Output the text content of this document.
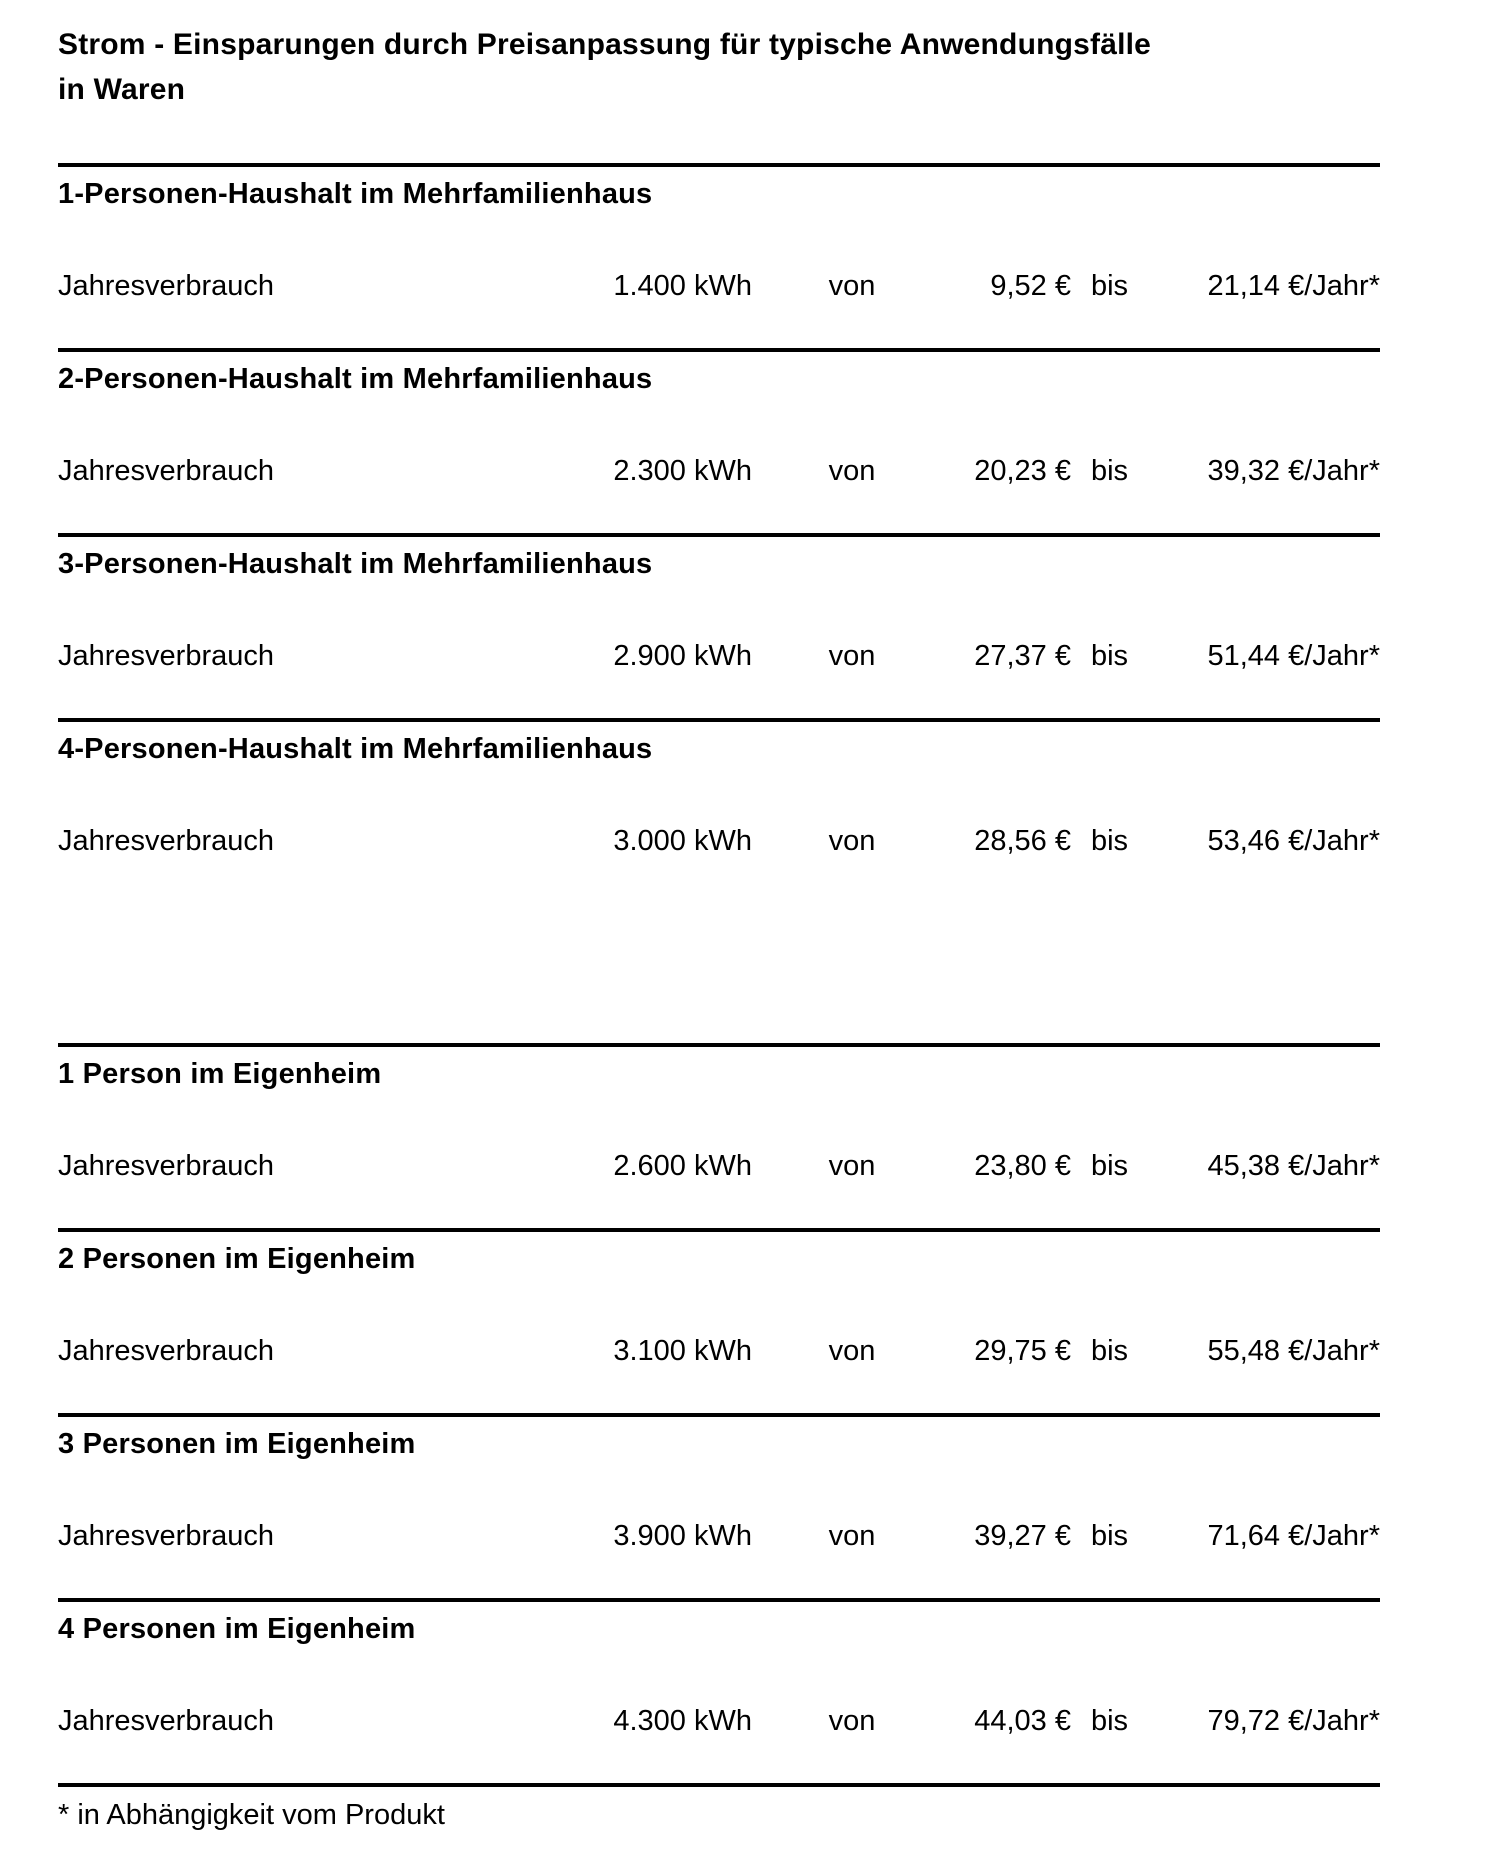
Strom - Einsparungen durch Preisanpassung für typische Anwendungsfälle
in Waren
1-Personen-Haushalt im Mehrfamilienhaus
Jahresverbrauch	1.400 kWh	von	9,52 € bis	21,14 €/Jahr*
2-Personen-Haushalt im Mehrfamilienhaus
Jahresverbrauch	2.300 kWh	von	20,23 € bis	39,32 €/Jahr*
3-Personen-Haushalt im Mehrfamilienhaus
Jahresverbrauch	2.900 kWh	von	27,37 € bis	51,44 €/Jahr*
4-Personen-Haushalt im Mehrfamilienhaus
Jahresverbrauch	3.000 kWh	von	28,56 € bis	53,46 €/Jahr*
1 Person im Eigenheim
Jahresverbrauch	2.600 kWh	von	23,80 € bis	45,38 €/Jahr*
2 Personen im Eigenheim
Jahresverbrauch	3.100 kWh	von	29,75 € bis	55,48 €/Jahr*
3 Personen im Eigenheim
Jahresverbrauch	3.900 kWh	von	39,27 € bis	71,64 €/Jahr*
4 Personen im Eigenheim
Jahresverbrauch	4.300 kWh	von	44,03 € bis	79,72 €/Jahr*

* in Abhängigkeit vom Produkt
